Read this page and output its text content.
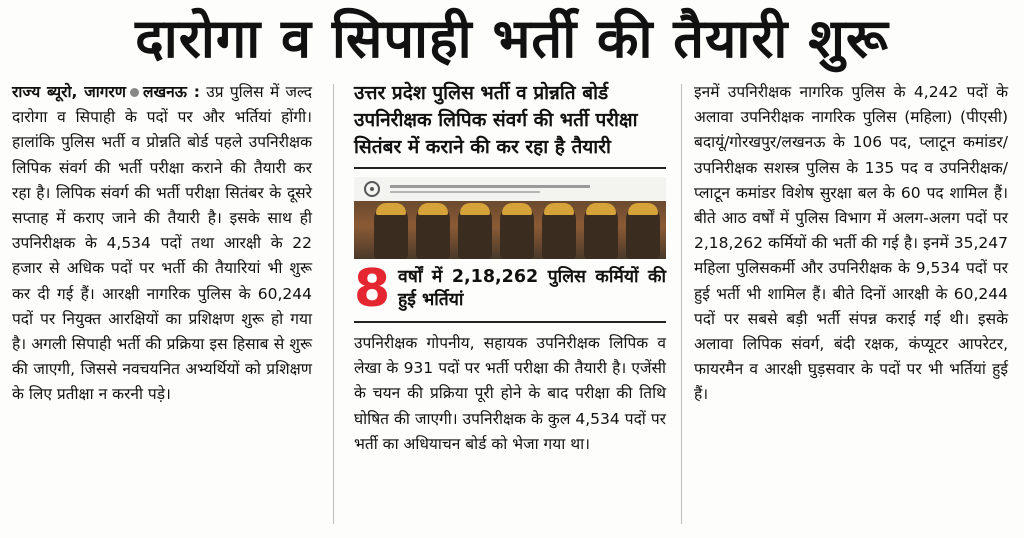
दारोगा व सिपाही भर्ती की तैयारी शुरू

राज्य ब्यूरो, जागरण लखनऊ : उप्र पुलिस में जल्द दारोगा व सिपाही के पदों पर और भर्तियां होंगी। हालांकि पुलिस भर्ती व प्रोन्नति बोर्ड पहले उपनिरीक्षक लिपिक संवर्ग की भर्ती परीक्षा कराने की तैयारी कर रहा है। लिपिक संवर्ग की भर्ती परीक्षा सितंबर के दूसरे सप्ताह में कराए जाने की तैयारी है। इसके साथ ही उपनिरीक्षक के 4,534 पदों तथा आरक्षी के 22 हजार से अधिक पदों पर भर्ती की तैयारियां भी शुरू कर दी गई हैं। आरक्षी नागरिक पुलिस के 60,244 पदों पर नियुक्त आरक्षियों का प्रशिक्षण शुरू हो गया है। अगली सिपाही भर्ती की प्रक्रिया इस हिसाब से शुरू की जाएगी, जिससे नवचयनित अभ्यर्थियों को प्रशिक्षण के लिए प्रतीक्षा न करनी पड़े।

उत्तर प्रदेश पुलिस भर्ती व प्रोन्नति बोर्ड उपनिरीक्षक लिपिक संवर्ग की भर्ती परीक्षा सितंबर में कराने की कर रहा है तैयारी
8 वर्षों में 2,18,262 पुलिस कर्मियों की हुई भर्तियां

उपनिरीक्षक गोपनीय, सहायक उपनिरीक्षक लिपिक व लेखा के 931 पदों पर भर्ती परीक्षा की तैयारी है। एजेंसी के चयन की प्रक्रिया पूरी होने के बाद परीक्षा की तिथि घोषित की जाएगी। उपनिरीक्षक के कुल 4,534 पदों पर भर्ती का अधियाचन बोर्ड को भेजा गया था।

इनमें उपनिरीक्षक नागरिक पुलिस के 4,242 पदों के अलावा उपनिरीक्षक नागरिक पुलिस (महिला) (पीएसी) बदायूं/गोरखपुर/लखनऊ के 106 पद, प्लाटून कमांडर/उपनिरीक्षक सशस्त्र पुलिस के 135 पद व उपनिरीक्षक/प्लाटून कमांडर विशेष सुरक्षा बल के 60 पद शामिल हैं। बीते आठ वर्षों में पुलिस विभाग में अलग-अलग पदों पर 2,18,262 कर्मियों की भर्ती की गई है। इनमें 35,247 महिला पुलिसकर्मी और उपनिरीक्षक के 9,534 पदों पर हुई भर्ती भी शामिल हैं। बीते दिनों आरक्षी के 60,244 पदों पर सबसे बड़ी भर्ती संपन्न कराई गई थी। इसके अलावा लिपिक संवर्ग, बंदी रक्षक, कंप्यूटर आपरेटर, फायरमैन व आरक्षी घुड़सवार के पदों पर भी भर्तियां हुई हैं।
